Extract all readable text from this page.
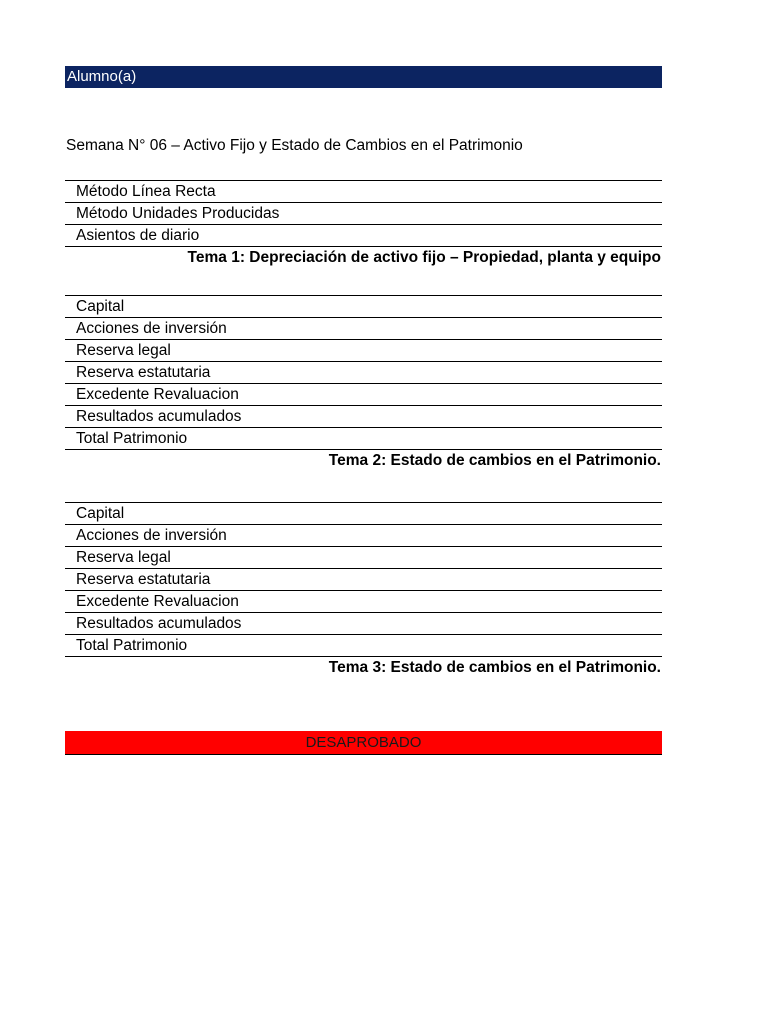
Alumno(a)
Semana N° 06 – Activo Fijo y Estado de Cambios en el Patrimonio
Método Línea Recta
Método Unidades Producidas
Asientos de diario
Tema 1: Depreciación de activo fijo – Propiedad, planta y equipo
Capital
Acciones de inversión
Reserva legal
Reserva estatutaria
Excedente Revaluacion
Resultados acumulados
Total Patrimonio
Tema 2: Estado de cambios en el Patrimonio.
Capital
Acciones de inversión
Reserva legal
Reserva estatutaria
Excedente Revaluacion
Resultados acumulados
Total Patrimonio
Tema 3: Estado de cambios en el Patrimonio.
DESAPROBADO
